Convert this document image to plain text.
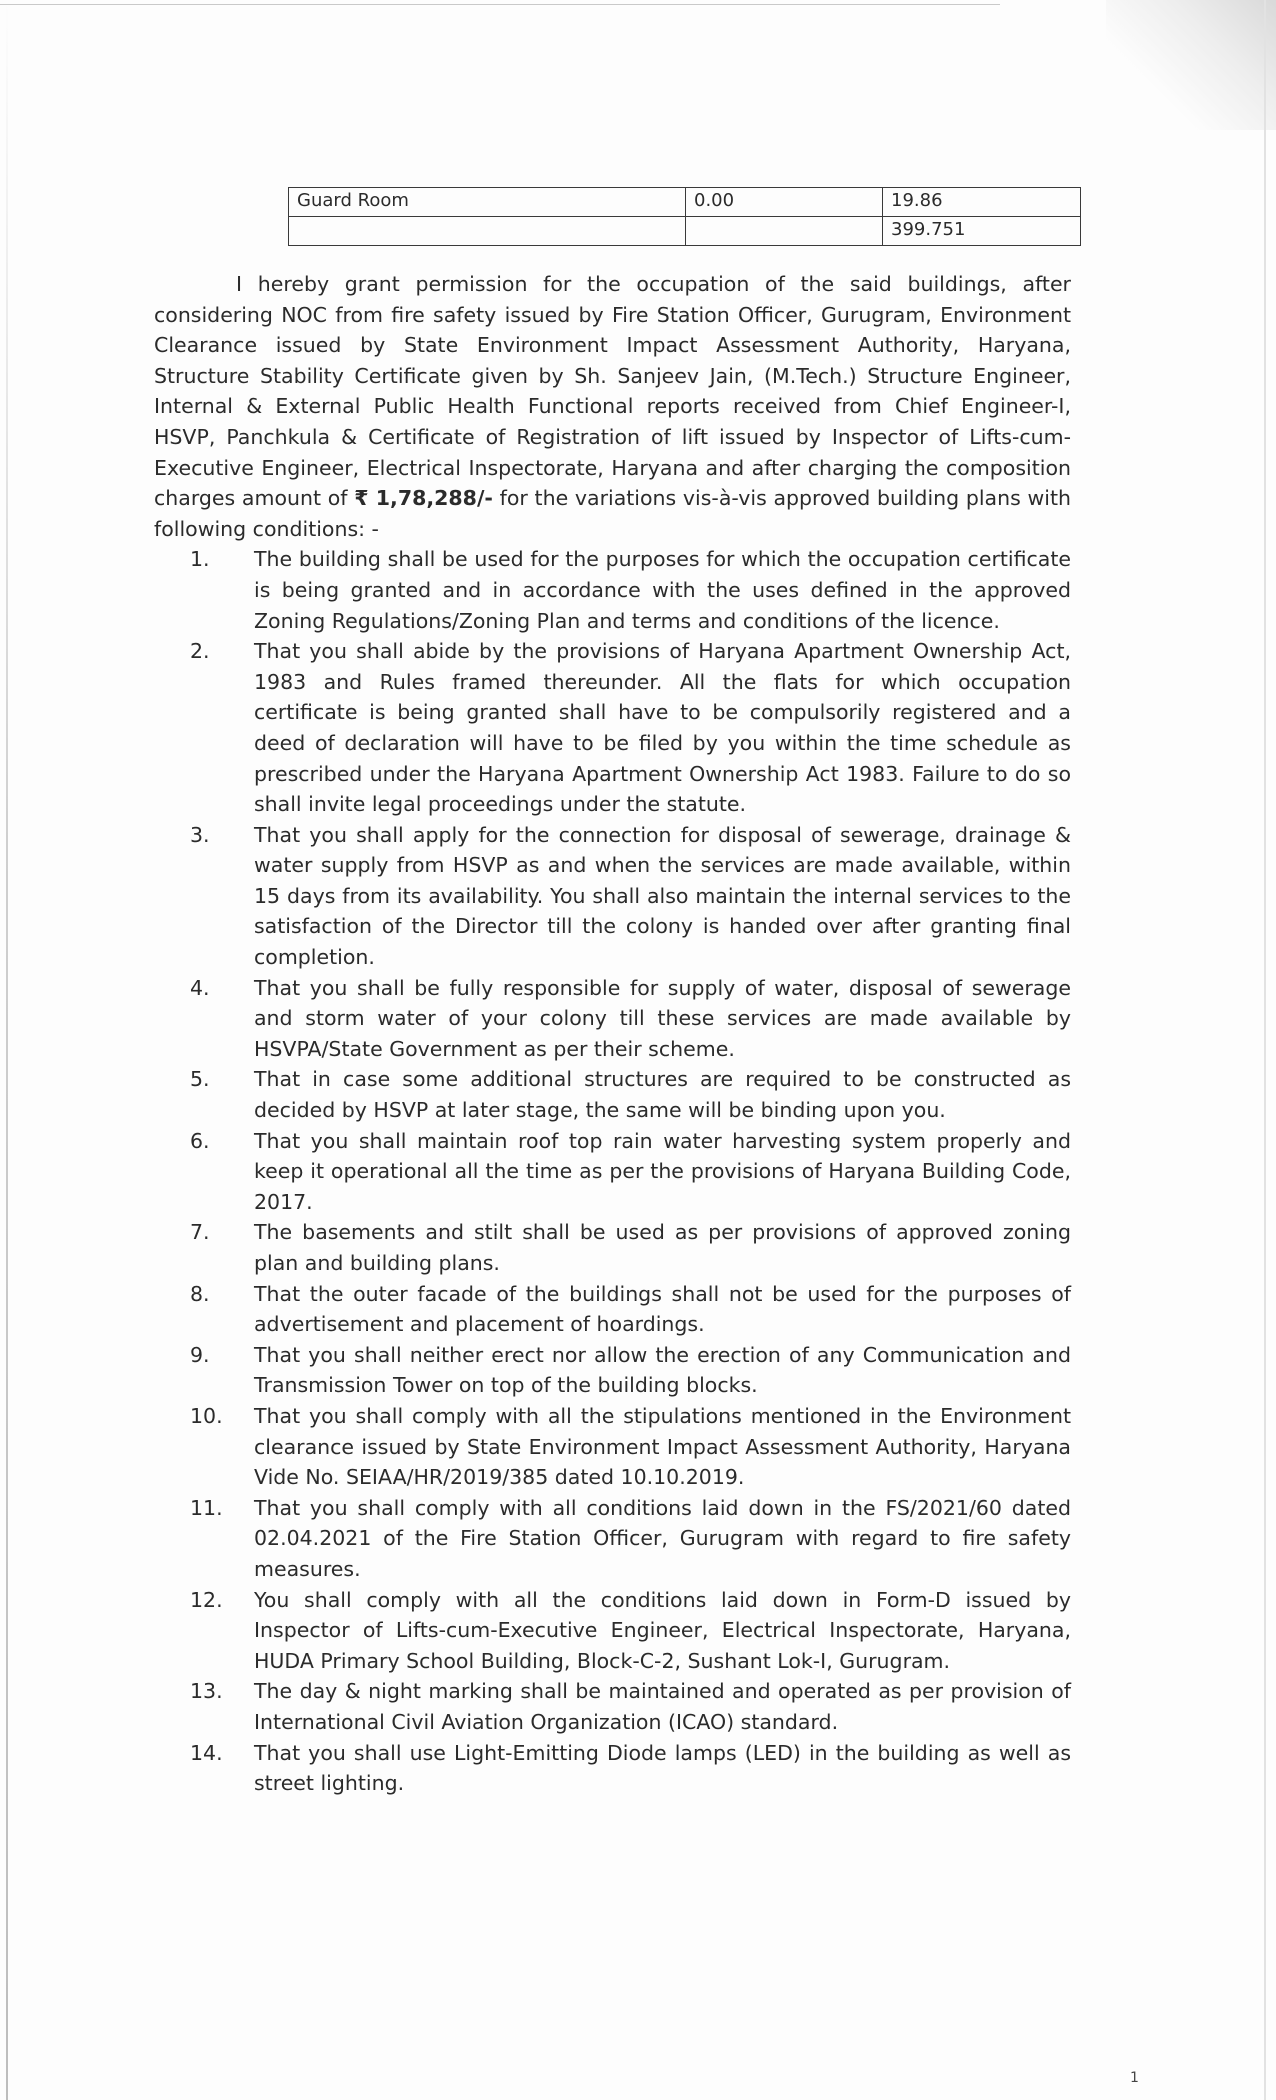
Guard Room	0.00	19.86
		399.751

I hereby grant permission for the occupation of the said buildings, after considering NOC from fire safety issued by Fire Station Officer, Gurugram, Environment Clearance issued by State Environment Impact Assessment Authority, Haryana, Structure Stability Certificate given by Sh. Sanjeev Jain, (M.Tech.) Structure Engineer, Internal & External Public Health Functional reports received from Chief Engineer-I, HSVP, Panchkula & Certificate of Registration of lift issued by Inspector of Lifts-cum-Executive Engineer, Electrical Inspectorate, Haryana and after charging the composition charges amount of ₹ 1,78,288/- for the variations vis-à-vis approved building plans with following conditions: -

1.	The building shall be used for the purposes for which the occupation certificate is being granted and in accordance with the uses defined in the approved Zoning Regulations/Zoning Plan and terms and conditions of the licence.
2.	That you shall abide by the provisions of Haryana Apartment Ownership Act, 1983 and Rules framed thereunder. All the flats for which occupation certificate is being granted shall have to be compulsorily registered and a deed of declaration will have to be filed by you within the time schedule as prescribed under the Haryana Apartment Ownership Act 1983. Failure to do so shall invite legal proceedings under the statute.
3.	That you shall apply for the connection for disposal of sewerage, drainage & water supply from HSVP as and when the services are made available, within 15 days from its availability. You shall also maintain the internal services to the satisfaction of the Director till the colony is handed over after granting final completion.
4.	That you shall be fully responsible for supply of water, disposal of sewerage and storm water of your colony till these services are made available by HSVPA/State Government as per their scheme.
5.	That in case some additional structures are required to be constructed as decided by HSVP at later stage, the same will be binding upon you.
6.	That you shall maintain roof top rain water harvesting system properly and keep it operational all the time as per the provisions of Haryana Building Code, 2017.
7.	The basements and stilt shall be used as per provisions of approved zoning plan and building plans.
8.	That the outer facade of the buildings shall not be used for the purposes of advertisement and placement of hoardings.
9.	That you shall neither erect nor allow the erection of any Communication and Transmission Tower on top of the building blocks.
10.	That you shall comply with all the stipulations mentioned in the Environment clearance issued by State Environment Impact Assessment Authority, Haryana Vide No. SEIAA/HR/2019/385 dated 10.10.2019.
11.	That you shall comply with all conditions laid down in the FS/2021/60 dated 02.04.2021 of the Fire Station Officer, Gurugram with regard to fire safety measures.
12.	You shall comply with all the conditions laid down in Form-D issued by Inspector of Lifts-cum-Executive Engineer, Electrical Inspectorate, Haryana, HUDA Primary School Building, Block-C-2, Sushant Lok-I, Gurugram.
13.	The day & night marking shall be maintained and operated as per provision of International Civil Aviation Organization (ICAO) standard.
14.	That you shall use Light-Emitting Diode lamps (LED) in the building as well as street lighting.
1
